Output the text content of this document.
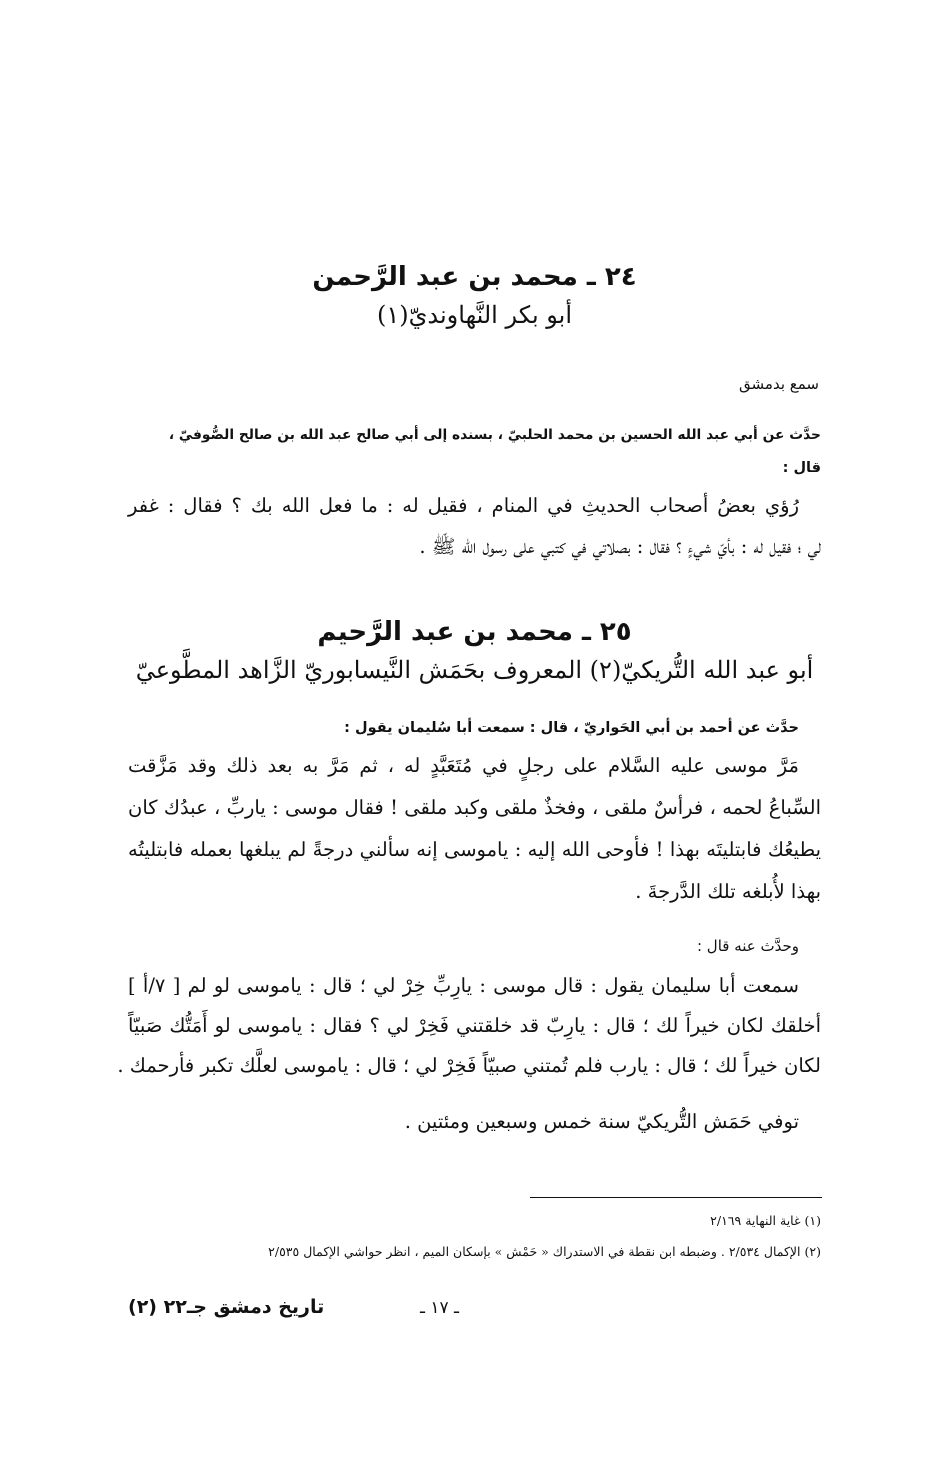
٢٤ ـ محمد بن عبد الرَّحمن
أبو بكر النَّهاونديّ(١)
سمع بدمشق
حدَّث عن أبي عبد الله الحسين بن محمد الحلبيّ ، بسنده إلى أبي صالح عبد الله بن صالح الصُّوفيّ ،
قال :
رُؤي بعضُ أصحاب الحديثِ في المنام ، فقيل له : ما فعل الله بك ؟ فقال : غفر
لي ؛ فقيل له : بأيّ شيءٍ ؟ فقال : بصلاتي في كتبي على رسول الله ﷺ .
٢٥ ـ محمد بن عبد الرَّحيم
أبو عبد الله التُّريكيّ(٢) المعروف بحَمَش النَّيسابوريّ الزَّاهد المطَّوعيّ
حدَّث عن أحمد بن أبي الحَواريّ ، قال : سمعت أبا سُليمان يقول :
مَرَّ موسى عليه السَّلام على رجلٍ في مُتَعَبَّدٍ له ، ثم مَرَّ به بعد ذلك وقد مَزَّقت
السِّباعُ لحمه ، فرأسٌ ملقى ، وفخذٌ ملقى وكبد ملقى ! فقال موسى : ياربِّ ، عبدُك كان
يطيعُك فابتليتَه بهذا ! فأوحى الله إليه : ياموسى إنه سألني درجةً لم يبلغها بعمله فابتليتُه
بهذا لأُبلغه تلك الدَّرجةَ .
وحدَّث عنه قال :
سمعت أبا سليمان يقول : قال موسى : يارِبِّ خِرْ لي ؛ قال : ياموسى لو لم [ ٧/أ ]
أخلقك لكان خيراً لك ؛ قال : يارِبّ قد خلقتني فَخِرْ لي ؟ فقال : ياموسى لو أَمَتُّك صَبيّاً
لكان خيراً لك ؛ قال : يارب فلم تُمتني صبيّاً فَخِرْ لي ؛ قال : ياموسى لعلَّك تكبر فأرحمك .
توفي حَمَش التُّريكيّ سنة خمس وسبعين ومئتين .
(١) غاية النهاية ٢/١٦٩
(٢) الإكمال ٢/٥٣٤ . وضبطه ابن نقطة في الاستدراك « حَمْش » بإسكان الميم ، انظر حواشي الإكمال ٢/٥٣٥
ـ ١٧ ـ
تاريخ دمشق جـ٢٢ (٢)
